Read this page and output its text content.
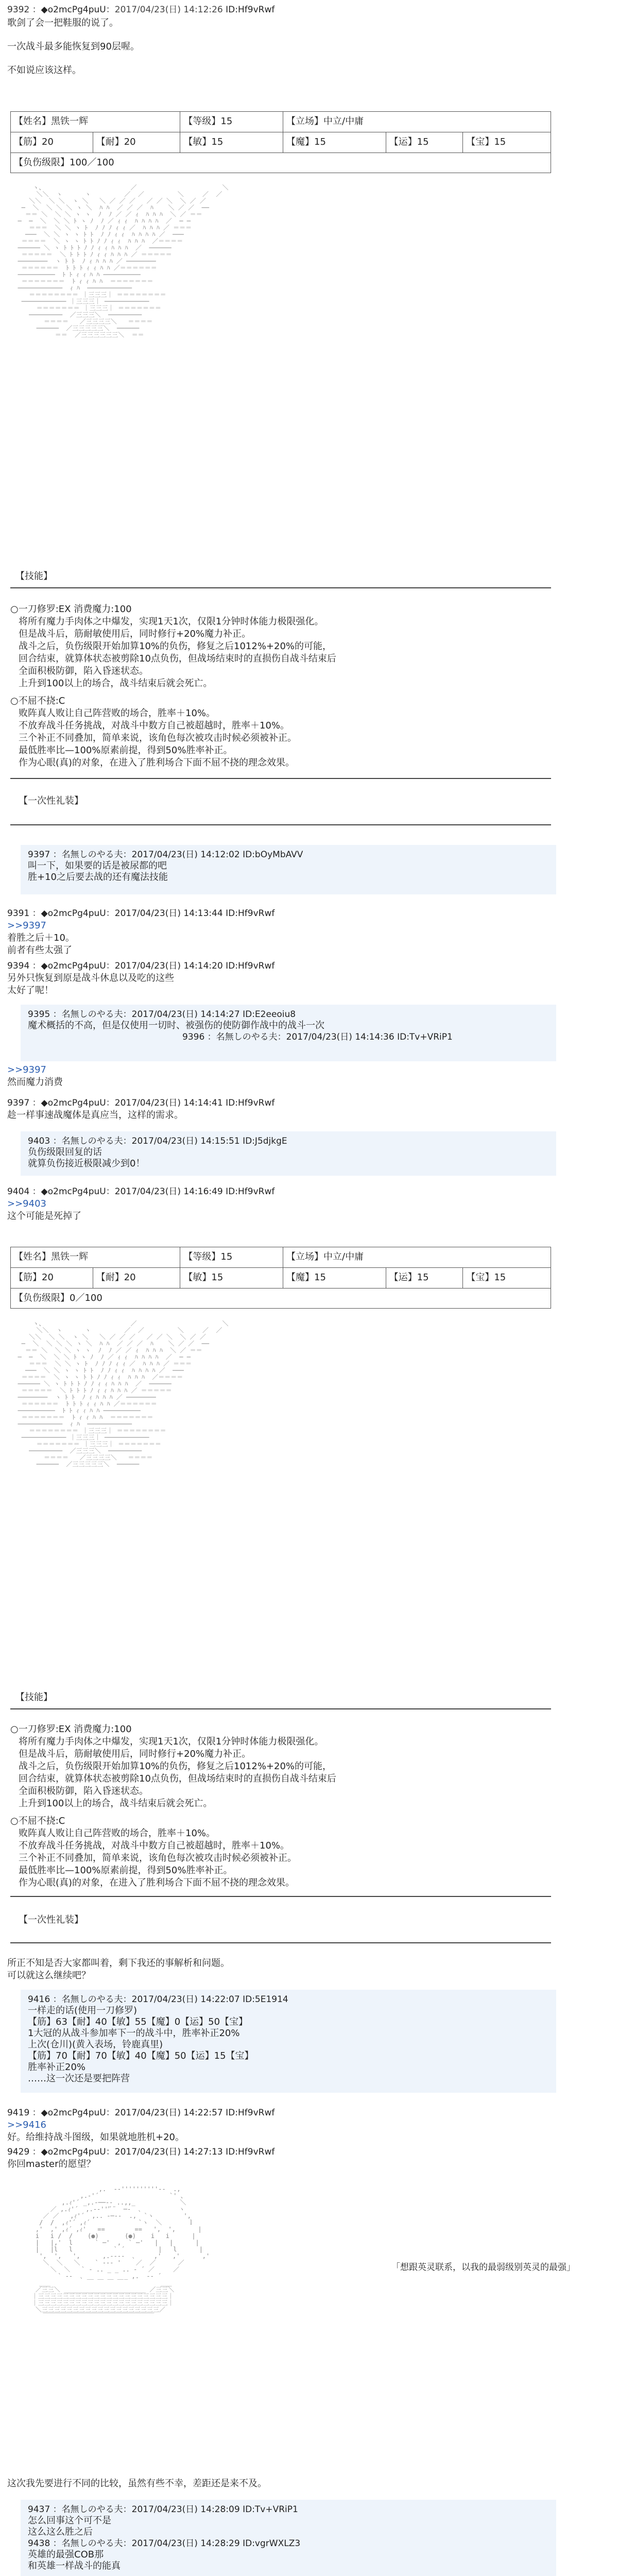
9392 ：◆o2mcPg4puU：2017/04/23(日) 14:12:26 ID:Hf9vRwf
歌剑了会一把鞋服的说了。
一次战斗最多能恢复到90层喔。
不如说应该这样。
【姓名】黑铁一辉	【等级】15	【立场】中立/中庸
【筋】20	【耐】20	【敏】15	【魔】15	【运】15	【宝】15
【负伤级限】100／100

ヽ、                       ／                       ＼
＼＼  ヽ      ヽ         ／  ／         ＼     ／  ／
＼＼  ＼ ＼  ヽ ＼   ＼ ／ ／ ／   ／ ／ ＼  ＼ ／ ／
─  ＼  ＼ ＼ ＼ ヽ ＼  ﾊ ﾊ  ／ ／ ／  ﾊ    ＼ ／ ／  ──
＝＝ ＼  ＼ ＼ ヽ ヽ  ﾉ  ﾉ ／ ／ ｨ  ﾊ ﾊ ﾊ  ＼ ／ ＝＝
─  ─  ＼  ＼ ＼ ﾄ ヽ ﾉ  ﾉ ／ ｨ ｨ  ﾊ ﾊ ﾊ ﾊ  ／  ─ ─
＝＝＝  ＼ ＼ ヽ ﾄ  ﾉ ﾉ ﾉ ｨ ｨ ／  ﾊ ﾊ ﾊ ／ ＝＝＝
───  ＼ ＼ ヽ ヽ ﾄ ﾄ  ﾉ ﾉ ｨ ｨ  ﾊ ﾊ ﾊ ﾊ ／  ───
＝＝＝＝  ＼ ヽ ヽ ﾄ ﾄ ﾉ ﾉ ｨ ｨ  ﾊ ﾊ ﾊ  ／＝＝＝＝
────── ＼ ヽ ﾄ ﾄ ﾄ ﾉ ﾉ ｨ ｨ ﾊ ﾊ ﾊ  ／  ──────
＝＝＝＝＝  ＼ ﾄ ﾄ ﾄ ﾉ ｨ ｨ ﾊ ﾊ ﾊ ／ ＝＝＝＝＝
────────  ヽ ﾄ ﾄ  ﾉ ｨ ﾊ ﾊ ﾊ ／ ────────
＝＝＝＝＝＝  ﾄ ﾄ ﾄ ｨ ｨ ﾊ ﾊ ／＝＝＝＝＝＝
──────────  ﾄ ﾄ ｨ ｨ ﾊ ﾊ ──────────
＝＝＝＝＝＝＝  ﾄ ｨ ｨ ﾊ ﾊ  ＝＝＝＝＝＝＝
────────────  ｨ ﾊ  ────────────
＝＝＝＝＝＝＝＝ ｜三三三｜ ＝＝＝＝＝＝＝＝
──────────── ｜三三三｜ ────────────
＝＝＝＝＝＝＝ ｜三三三｜ ＝＝＝＝＝＝＝
─────────  ／三三三＼  ─────────
＝＝＝＝   ／三三三三＼   ＝＝＝＝
──────  ／三三三三三＼  ──────
＝＝  ／三三三三三三＼  ＝＝

【技能】
○一刀修罗:EX 消费魔力:100
将所有魔力手肉体之中爆发，实现1天1次，仅限1分钟时体能力极限强化。
但是战斗后，筋耐敏使用后，同时修行+20%魔力补正。
战斗之后，负伤级限开始加算10%的负伤，修复之后1012%+20%的可能，
回合结束，就算体状态被剪除10点负伤，但战场结束时的直损伤自战斗结束后
全面积极防御，陷入昏迷状态。
上升到100以上的场合，战斗结束后就会死亡。
○不屈不挠:C
败阵真人败让自己阵营败的场合，胜率＋10%。
不放弃战斗任务挑战，对战斗中数方自己被超越时，胜率＋10%。
三个补正不同叠加，简单来说，该角色每次被攻击时候必须被补正。
最低胜率比—100%原素前提，得到50%胜率补正。
作为心眼(真)的对象，在进入了胜利场合下面不屈不挠的理念效果。
【一次性礼装】
9397 ：名無しのやる夫：2017/04/23(日) 14:12:02 ID:bOyMbAVV
叫一下，如果要的话是被尿都的吧
胜+10之后要去战的还有魔法技能
9391 ：◆o2mcPg4puU：2017/04/23(日) 14:13:44 ID:Hf9vRwf
>>9397
着胜之后＋10。
前者有些太强了
9394 ：◆o2mcPg4puU：2017/04/23(日) 14:14:20 ID:Hf9vRwf
另外只恢复到原是战斗休息以及吃的这些
太好了呢！
9395 ：名無しのやる夫：2017/04/23(日) 14:14:27 ID:E2eeoiu8
魔术概括的不高，但是仅使用一切时、被强伤的使防御作战中的战斗一次
9396 ：名無しのやる夫：2017/04/23(日) 14:14:36 ID:Tv+VRiP1
>>9397
然而魔力消费
9397 ：◆o2mcPg4puU：2017/04/23(日) 14:14:41 ID:Hf9vRwf
趁一样事速战魔体是真应当，这样的需求。
9403 ：名無しのやる夫：2017/04/23(日) 14:15:51 ID:J5djkgE
负伤级限回复的话
就算负伤接近极限减少到0！
9404 ：◆o2mcPg4puU：2017/04/23(日) 14:16:49 ID:Hf9vRwf
>>9403
这个可能是死掉了
【姓名】黑铁一辉	【等级】15	【立场】中立/中庸
【筋】20	【耐】20	【敏】15	【魔】15	【运】15	【宝】15
【负伤级限】0／100

ヽ、                       ／                       ＼
＼＼  ヽ      ヽ         ／  ／         ＼     ／  ／
＼＼  ＼ ＼  ヽ ＼   ＼ ／ ／ ／   ／ ／ ＼  ＼ ／ ／
─  ＼  ＼ ＼ ＼ ヽ ＼  ﾊ ﾊ  ／ ／ ／  ﾊ    ＼ ／ ／  ──
＝＝ ＼  ＼ ＼ ヽ ヽ  ﾉ  ﾉ ／ ／ ｨ  ﾊ ﾊ ﾊ  ＼ ／ ＝＝
─  ─  ＼  ＼ ＼ ﾄ ヽ ﾉ  ﾉ ／ ｨ ｨ  ﾊ ﾊ ﾊ ﾊ  ／  ─ ─
＝＝＝  ＼ ＼ ヽ ﾄ  ﾉ ﾉ ﾉ ｨ ｨ ／  ﾊ ﾊ ﾊ ／ ＝＝＝
───  ＼ ＼ ヽ ヽ ﾄ ﾄ  ﾉ ﾉ ｨ ｨ  ﾊ ﾊ ﾊ ﾊ ／  ───
＝＝＝＝  ＼ ヽ ヽ ﾄ ﾄ ﾉ ﾉ ｨ ｨ  ﾊ ﾊ ﾊ  ／＝＝＝＝
────── ＼ ヽ ﾄ ﾄ ﾄ ﾉ ﾉ ｨ ｨ ﾊ ﾊ ﾊ  ／  ──────
＝＝＝＝＝  ＼ ﾄ ﾄ ﾄ ﾉ ｨ ｨ ﾊ ﾊ ﾊ ／ ＝＝＝＝＝
────────  ヽ ﾄ ﾄ  ﾉ ｨ ﾊ ﾊ ﾊ ／ ────────
＝＝＝＝＝＝  ﾄ ﾄ ﾄ ｨ ｨ ﾊ ﾊ ／＝＝＝＝＝＝
──────────  ﾄ ﾄ ｨ ｨ ﾊ ﾊ ──────────
＝＝＝＝＝＝＝  ﾄ ｨ ｨ ﾊ ﾊ  ＝＝＝＝＝＝＝
────────────  ｨ ﾊ  ────────────
＝＝＝＝＝＝＝＝ ｜三三三｜ ＝＝＝＝＝＝＝＝
──────────── ｜三三三｜ ────────────
＝＝＝＝＝＝＝ ｜三三三｜ ＝＝＝＝＝＝＝
─────────  ／三三三＼  ─────────
＝＝＝＝   ／三三三三＼   ＝＝＝＝
──────  ／三三三三三＼  ──────

【技能】
○一刀修罗:EX 消费魔力:100
将所有魔力手肉体之中爆发，实现1天1次，仅限1分钟时体能力极限强化。
但是战斗后，筋耐敏使用后，同时修行+20%魔力补正。
战斗之后，负伤级限开始加算10%的负伤，修复之后1012%+20%的可能，
回合结束，就算体状态被剪除10点负伤，但战场结束时的直损伤自战斗结束后
全面积极防御，陷入昏迷状态。
上升到100以上的场合，战斗结束后就会死亡。
○不屈不挠:C
败阵真人败让自己阵营败的场合，胜率＋10%。
不放弃战斗任务挑战，对战斗中数方自己被超越时，胜率＋10%。
三个补正不同叠加，简单来说，该角色每次被攻击时候必须被补正。
最低胜率比—100%原素前提，得到50%胜率补正。
作为心眼(真)的对象，在进入了胜利场合下面不屈不挠的理念效果。
【一次性礼装】
所正不知是否大家都叫着，剩下我还的事解析和问题。
可以就这么继续吧？
9416 ：名無しのやる夫：2017/04/23(日) 14:22:07 ID:5E1914
一样走的话(使用一刀修罗)
【筋】63【耐】40【敏】55【魔】0【运】50【宝】
1大冠的从战斗参加率下一的战斗中，胜率补正20%
上次(仓川)(黄入表场，铃鹿真里)
【筋】70【耐】70【敏】40【魔】50【运】15【宝】
胜率补正20%
……这一次还是要把阵营
9419 ：◆o2mcPg4puU：2017/04/23(日) 14:22:57 ID:Hf9vRwf
>>9416
好。给维持战斗图级，如果就地胜机+20。
9429 ：◆o2mcPg4puU：2017/04/23(日) 14:27:13 ID:Hf9vRwf
你回master的愿望？

,.  -‐''''''''''‐-  .,
,.-'´                   `' 、
,.ｨ'´ _,.-──-- ..,,_            ＼
／ ,.ｨ'´  ,.-‐'''ﾞ¨  ─-  ､          ヽ
／ ／   ,ｨ'´  ,.. -─‐-  .,  `ヽ        ',
/  /  ,ｨ'´ ,ｨ´             `ヽ  ＼       ｌ
,'  ,' ,ｨ´ ,ｨ'   ==        ==   ',  ',      |
i   i /  /    (●)       (●)    i   i      |
|   |,'  l      ` ─'  ,  ` ─'   |   |      |
|   |l   l           ` ´         |   l      |
',  ',   ',      ,.-‐‐-  ､     ,'   ,'      ,'
＼  ＼   ＼    ` ‐-‐ '    ／  ／      ／
＼  ＼   ` ‐ .. _ _ .. ‐ ´ ／     ／
` ‐-  ､ _         _ ,.  -‐ ´
___          ￣ ￣ ￣ ￣          ___
／三三＼ ______________________ ／三三＼
｜三三三三三三三三三三三三三三三三三三三三三｜
｜三三三三三三三三三三三三三三三三三三三三三｜
＼三三三三三三三三三三三三三三三三三三三／
￣￣￣￣￣￣￣￣￣￣￣￣￣￣￣￣￣￣

「想跟英灵联系，以我的最弱级别英灵的最强」
这次我先要进行不同的比较，虽然有些不幸，差距还是来不及。
9437 ：名無しのやる夫：2017/04/23(日) 14:28:09 ID:Tv+VRiP1
怎么回事这个可不是
这么这么胜之后
9438 ：名無しのやる夫：2017/04/23(日) 14:28:29 ID:vgrWXLZ3
英雄的最强COB那
和英雄一样战斗的能真
